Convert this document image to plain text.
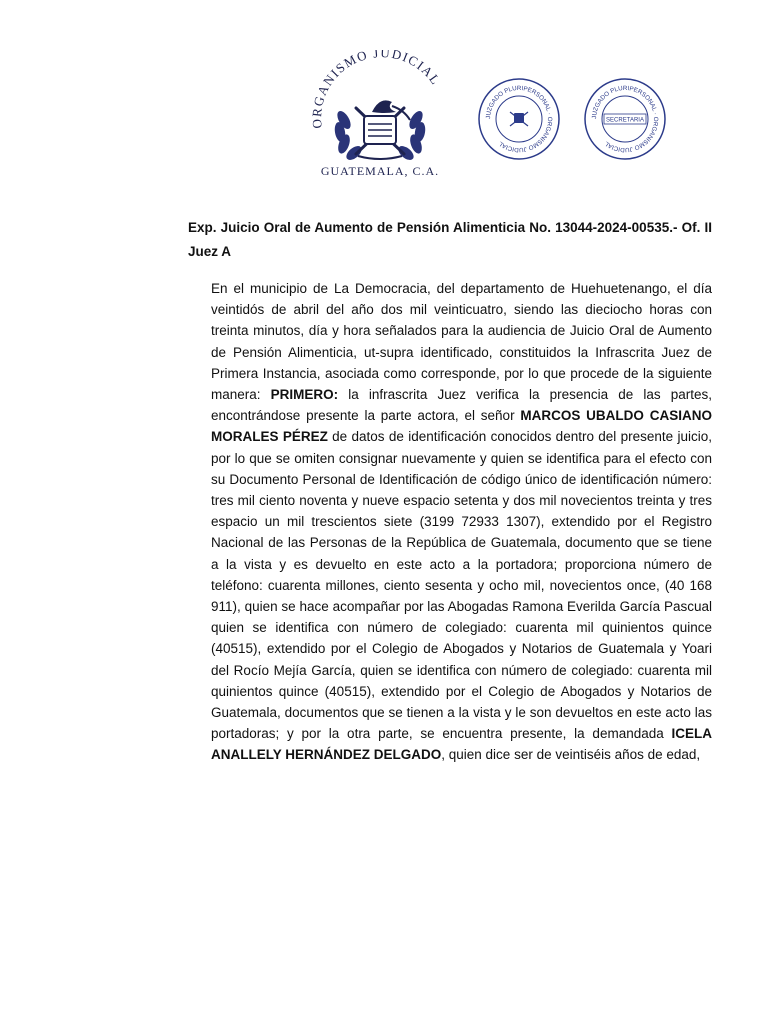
ORGANISMO JUDICIAL
GUATEMALA, C.A.
JUZGADO PLURIPERSONAL · ORGANISMO JUDICIAL
JUZGADO PLURIPERSONAL · ORGANISMO JUDICIAL
SECRETARIA
Exp. Juicio Oral de Aumento de Pensión Alimenticia No. 13044-2024-00535.- Of. II Juez A

En el municipio de La Democracia, del departamento de Huehuetenango, el día veintidós de abril del año dos mil veinticuatro, siendo las dieciocho horas con treinta minutos, día y hora señalados para la audiencia de Juicio Oral de Aumento de Pensión Alimenticia, ut-supra identificado, constituidos la Infrascrita Juez de Primera Instancia, asociada como corresponde, por lo que procede de la siguiente manera: PRIMERO: la infrascrita Juez verifica la presencia de las partes, encontrándose presente la parte actora, el señor MARCOS UBALDO CASIANO MORALES PÉREZ de datos de identificación conocidos dentro del presente juicio, por lo que se omiten consignar nuevamente y quien se identifica para el efecto con su Documento Personal de Identificación de código único de identificación número: tres mil ciento noventa y nueve espacio setenta y dos mil novecientos treinta y tres espacio un mil trescientos siete (3199 72933 1307), extendido por el Registro Nacional de las Personas de la República de Guatemala, documento que se tiene a la vista y es devuelto en este acto a la portadora; proporciona número de teléfono: cuarenta millones, ciento sesenta y ocho mil, novecientos once, (40 168 911), quien se hace acompañar por las Abogadas Ramona Everilda García Pascual quien se identifica con número de colegiado: cuarenta mil quinientos quince (40515), extendido por el Colegio de Abogados y Notarios de Guatemala y Yoari del Rocío Mejía García, quien se identifica con número de colegiado: cuarenta mil quinientos quince (40515), extendido por el Colegio de Abogados y Notarios de Guatemala, documentos que se tienen a la vista y le son devueltos en este acto las portadoras; y por la otra parte, se encuentra presente, la demandada ICELA ANALLELY HERNÁNDEZ DELGADO, quien dice ser de veintiséis años de edad,
